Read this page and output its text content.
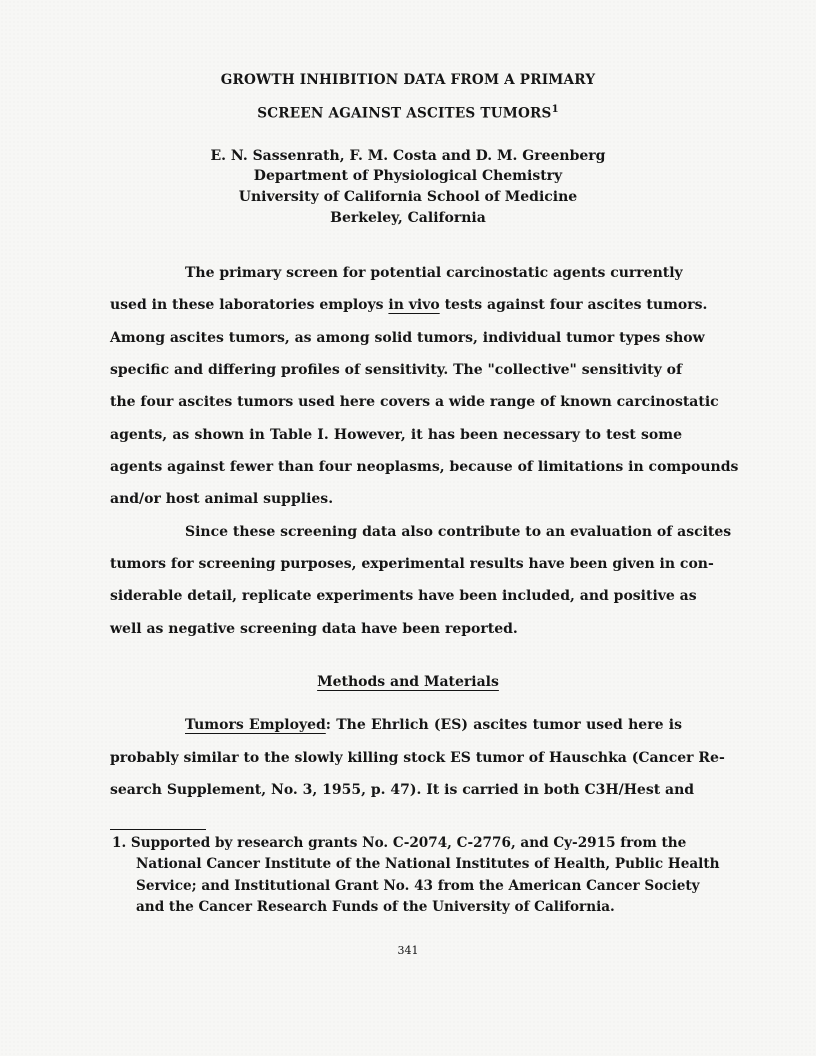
GROWTH INHIBITION DATA FROM A PRIMARY
SCREEN AGAINST ASCITES TUMORS$^1$
E. N. Sassenrath, F. M. Costa and D. M. Greenberg
Department of Physiological Chemistry
University of California School of Medicine
Berkeley, California
The primary screen for potential carcinostatic agents currently
used in these laboratories employs in vivo tests against four ascites tumors.
Among ascites tumors, as among solid tumors, individual tumor types show
specific and differing profiles of sensitivity. The "collective" sensitivity of
the four ascites tumors used here covers a wide range of known carcinostatic
agents, as shown in Table I. However, it has been necessary to test some
agents against fewer than four neoplasms, because of limitations in compounds
and/or host animal supplies.
Since these screening data also contribute to an evaluation of ascites
tumors for screening purposes, experimental results have been given in con-
siderable detail, replicate experiments have been included, and positive as
well as negative screening data have been reported.
Methods and Materials
Tumors Employed: The Ehrlich (ES) ascites tumor used here is
probably similar to the slowly killing stock ES tumor of Hauschka (Cancer Re-
search Supplement, No. 3, 1955, p. 47). It is carried in both C3H/Hest and
1. Supported by research grants No. C-2074, C-2776, and Cy-2915 from the
National Cancer Institute of the National Institutes of Health, Public Health
Service; and Institutional Grant No. 43 from the American Cancer Society
and the Cancer Research Funds of the University of California.
341
